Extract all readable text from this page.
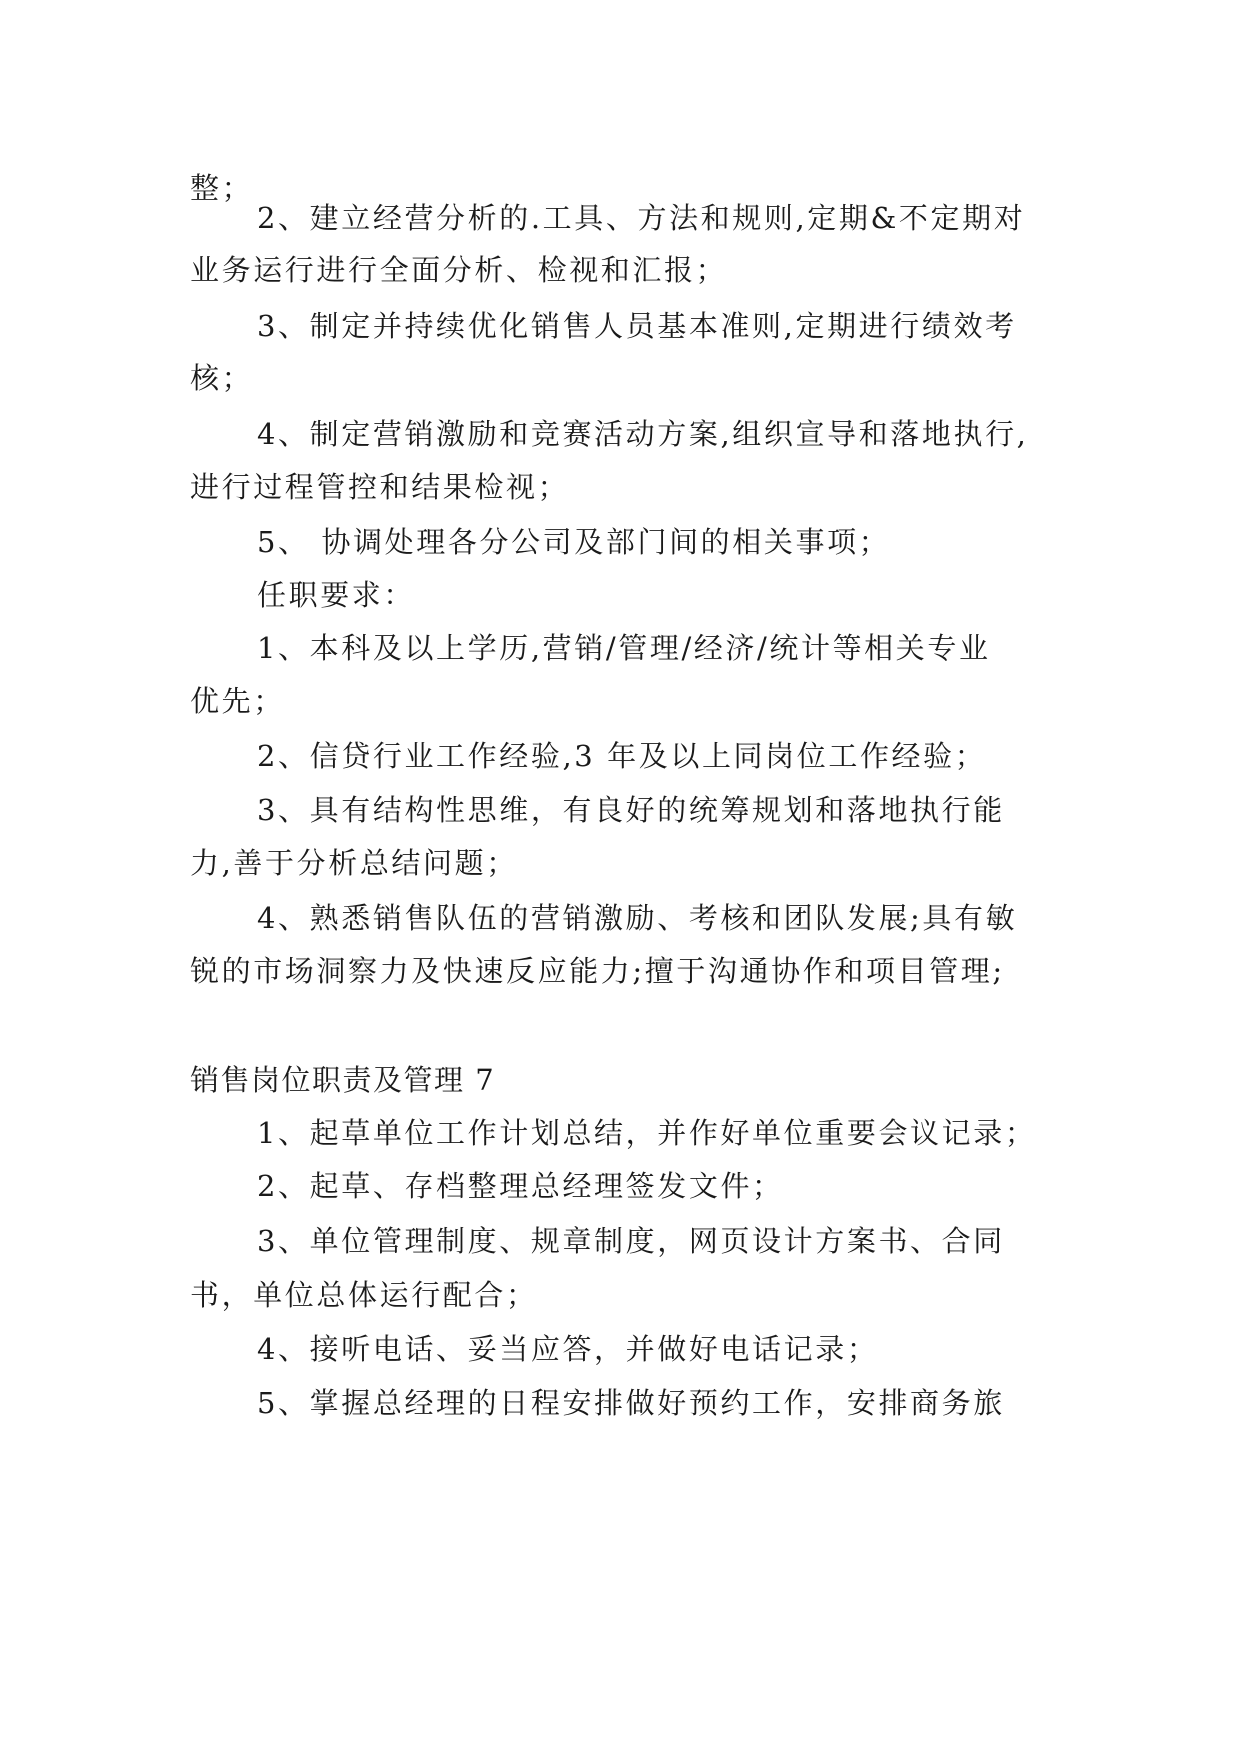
整；
2、建立经营分析的.工具、方法和规则,定期&不定期对
业务运行进行全面分析、检视和汇报；
3、制定并持续优化销售人员基本准则,定期进行绩效考
核；
4、制定营销激励和竞赛活动方案,组织宣导和落地执行,
进行过程管控和结果检视；
5、 协调处理各分公司及部门间的相关事项；
任职要求：
1、本科及以上学历,营销/管理/经济/统计等相关专业
优先；
2、信贷行业工作经验,3 年及以上同岗位工作经验；
3、具有结构性思维，有良好的统筹规划和落地执行能
力,善于分析总结问题；
4、熟悉销售队伍的营销激励、考核和团队发展;具有敏
锐的市场洞察力及快速反应能力;擅于沟通协作和项目管理;
销售岗位职责及管理 7
1、起草单位工作计划总结，并作好单位重要会议记录；
2、起草、存档整理总经理签发文件；
3、单位管理制度、规章制度，网页设计方案书、合同
书，单位总体运行配合；
4、接听电话、妥当应答，并做好电话记录；
5、掌握总经理的日程安排做好预约工作，安排商务旅
